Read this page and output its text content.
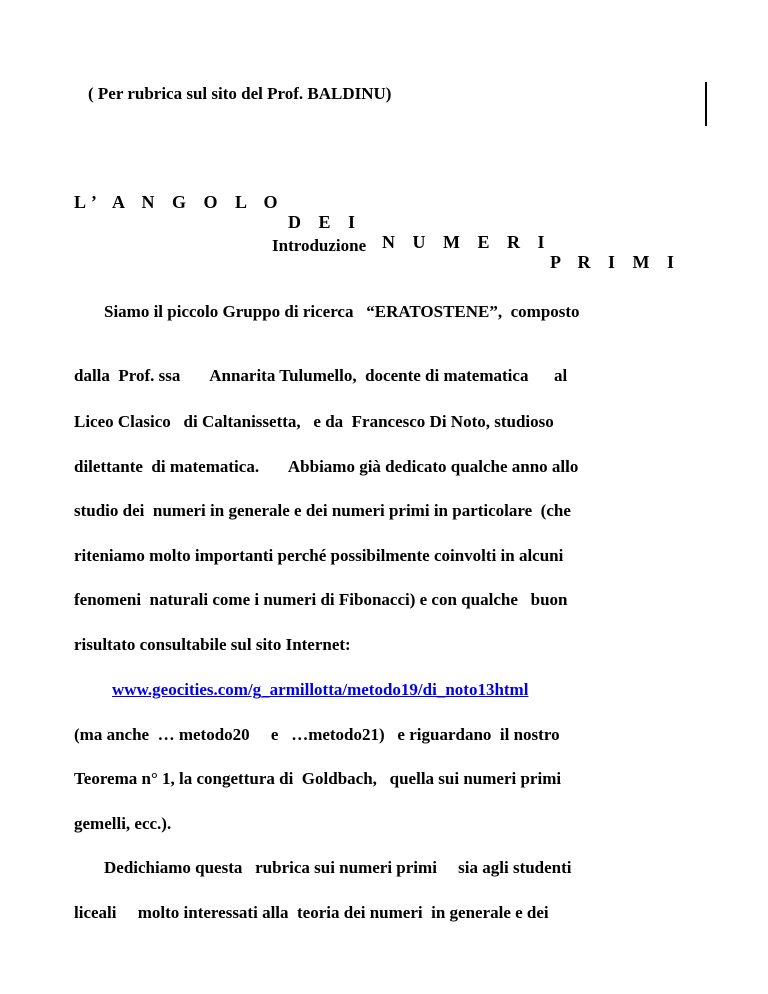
( Per rubrica sul sito del Prof. BALDINU)

L’ A N G O L O

D E I

N U M E R I

P R I M I

Introduzione
Siamo il piccolo Gruppo di ricerca   “ERATOSTENE”,  composto
dalla  Prof. ssa       Annarita Tulumello,  docente di matematica      al
Liceo Clasico   di Caltanissetta,   e da  Francesco Di Noto, studioso
dilettante  di matematica.       Abbiamo già dedicato qualche anno allo
studio dei  numeri in generale e dei numeri primi in particolare  (che
riteniamo molto importanti perché possibilmente coinvolti in alcuni
fenomeni  naturali come i numeri di Fibonacci) e con qualche   buon
risultato consultabile sul sito Internet:
www.geocities.com/g_armillotta/metodo19/di_noto13html
(ma anche  … metodo20     e   …metodo21)   e riguardano  il nostro
Teorema n° 1, la congettura di  Goldbach,   quella sui numeri primi
gemelli, ecc.).
Dedichiamo questa   rubrica sui numeri primi     sia agli studenti
liceali     molto interessati alla  teoria dei numeri  in generale e dei
